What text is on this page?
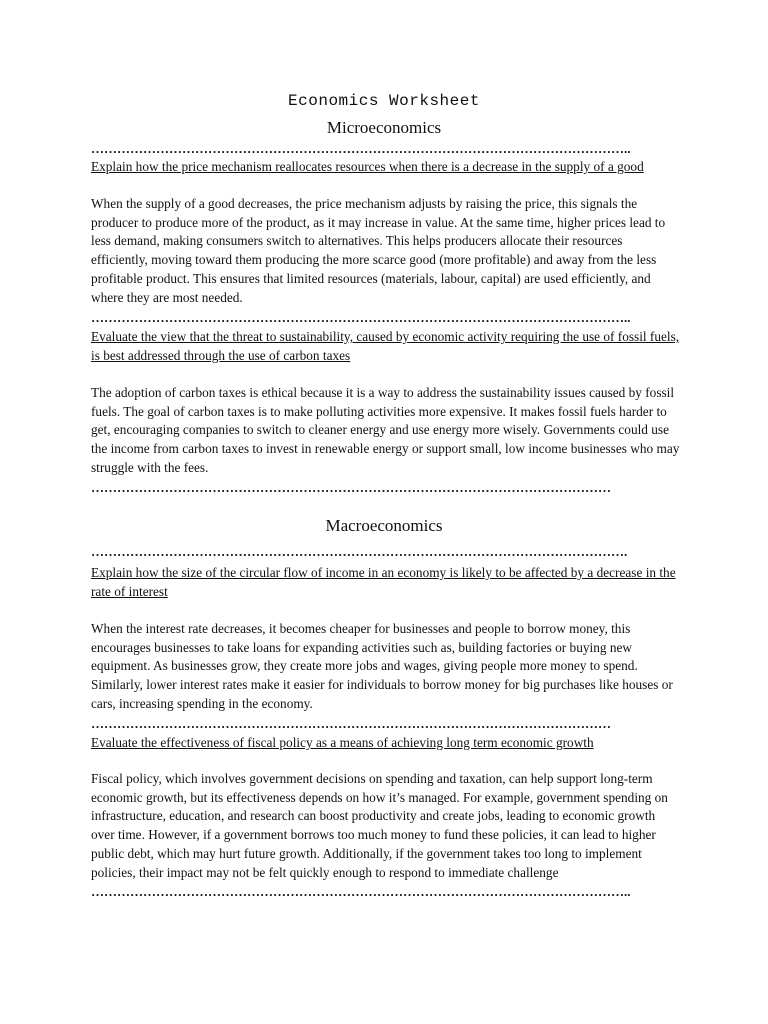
Economics Worksheet
Microeconomics
……………………………………………………………………………………………………………..

Explain how the price mechanism reallocates resources when there is a decrease in the supply of a good

When the supply of a good decreases, the price mechanism adjusts by raising the price, this signals the producer to produce more of the product, as it may increase in value. At the same time, higher prices lead to less demand, making consumers switch to alternatives. This helps producers allocate their resources efficiently, moving toward them producing the more scarce good (more profitable) and away from the less profitable product. This ensures that limited resources (materials, labour, capital) are used efficiently, and where they are most needed.

……………………………………………………………………………………………………………..

Evaluate the view that the threat to sustainability, caused by economic activity requiring the use of fossil fuels, is best addressed through the use of carbon taxes

The adoption of carbon taxes is ethical because it is a way to address the sustainability issues caused by fossil fuels. The goal of carbon taxes is to make polluting activities more expensive. It makes fossil fuels harder to get, encouraging companies to switch to cleaner energy and use energy more wisely. Governments could use the income from carbon taxes to invest in renewable energy or support small, low income businesses who may struggle with the fees.

…………………………………………………………………………………………………………
Macroeconomics
…………………………………………………………………………………………………………….

Explain how the size of the circular flow of income in an economy is likely to be affected by a decrease in the rate of interest

When the interest rate decreases, it becomes cheaper for businesses and people to borrow money, this encourages businesses to take loans for expanding activities such as, building factories or buying new equipment. As businesses grow, they create more jobs and wages, giving people more money to spend. Similarly, lower interest rates make it easier for individuals to borrow money for big purchases like houses or cars, increasing spending in the economy.

…………………………………………………………………………………………………………

Evaluate the effectiveness of fiscal policy as a means of achieving long term economic growth

Fiscal policy, which involves government decisions on spending and taxation, can help support long-term economic growth, but its effectiveness depends on how it’s managed. For example, government spending on infrastructure, education, and research can boost productivity and create jobs, leading to economic growth over time. However, if a government borrows too much money to fund these policies, it can lead to higher public debt, which may hurt future growth. Additionally, if the government takes too long to implement policies, their impact may not be felt quickly enough to respond to immediate challenge

……………………………………………………………………………………………………………..
